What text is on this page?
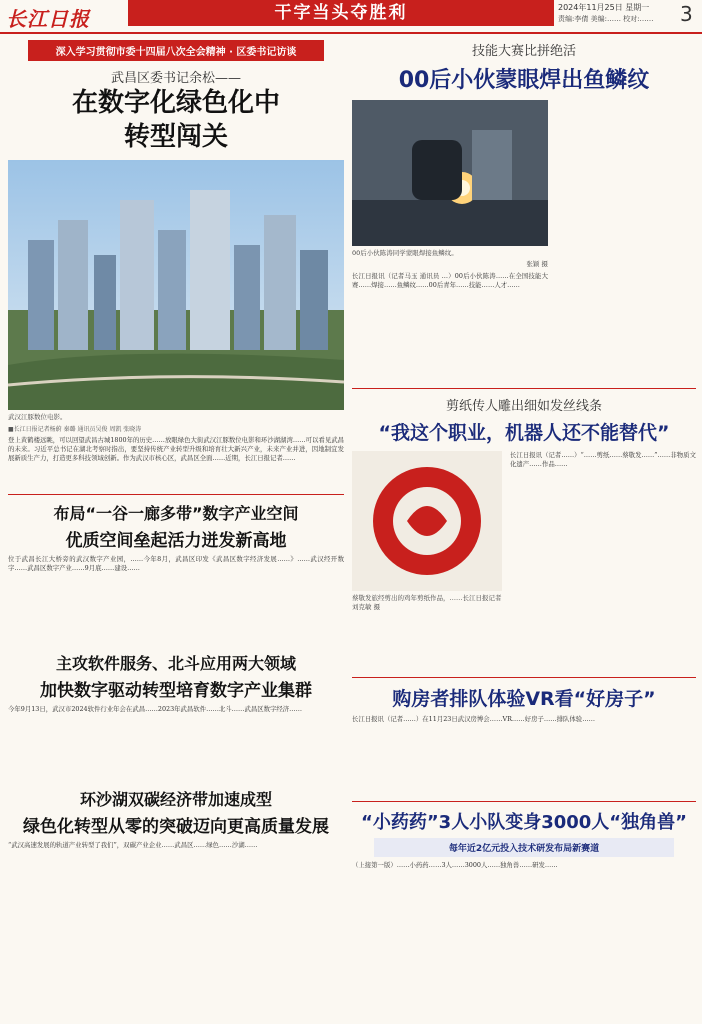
长江日报	干字当头夺胜利	2024年11月25日 星期一
责编:李倩 美编:…… 校对:…… 3
深入学习贯彻市委十四届八次全会精神 · 区委书记访谈
武昌区委书记余松——
在数字化绿色化中
转型闯关
武汉江豚数位电影。
■长江日报记者杨蔚 秦璐 通讯员吴俊 周凯 张晓涛
登上黄鹤楼远眺，可以回望武昌古城1800年的历史……放眼绿色大街武汉江豚数位电影和环沙湖湖湾……可以看见武昌的未来。习近平总书记在湖北考察时指出，要坚持传统产业转型升级和培育壮大新兴产业，未来产业并进，因地制宜发展新质生产力，打造更多科技领域创新。作为武汉市核心区，武昌区全面……近期，长江日报记者……
布局“一谷一廊多带”数字产业空间
优质空间垒起活力迸发新高地
位于武昌长江大桥旁的武汉数字产业园，……今年8月，武昌区印发《武昌区数字经济发展……》……武汉经开数字……武昌区数字产业……9月底……建设……
主攻软件服务、北斗应用两大领域
加快数字驱动转型培育数字产业集群
今年9月13日，武汉市2024软件行业年会在武昌……2023年武昌软件……北斗……武昌区数字经济……
环沙湖双碳经济带加速成型
绿色化转型从零的突破迈向更高质量发展
“武汉高速发展的轨道产业转型了我们”，双碳产业企业……武昌区……绿色……沙湖……
技能大赛比拼绝活
00后小伙蒙眼焊出鱼鳞纹
00后小伙陈涛同学蒙眼焊接鱼鳞纹。
张颖 摄
长江日报讯（记者马玉 通讯员 …）00后小伙陈涛……在全国技能大赛……焊接……鱼鳞纹……00后青年……技能……人才……
剪纸传人雕出细如发丝线条
“我这个职业，机器人还不能替代”
蔡敬发旅经剪出的鸡年剪纸作品，……长江日报记者刘克敏 摄
长江日报讯（记者……）“……剪纸……蔡敬发……”……非物质文化遗产……作品……
购房者排队体验VR看“好房子”
长江日报讯（记者……）在11月23日武汉房博会……VR……好房子……排队体验……
“小药药”3人小队变身3000人“独角兽”
每年近2亿元投入技术研发布局新赛道
（上接第一版）……小药药……3人……3000人……独角兽……研发……
